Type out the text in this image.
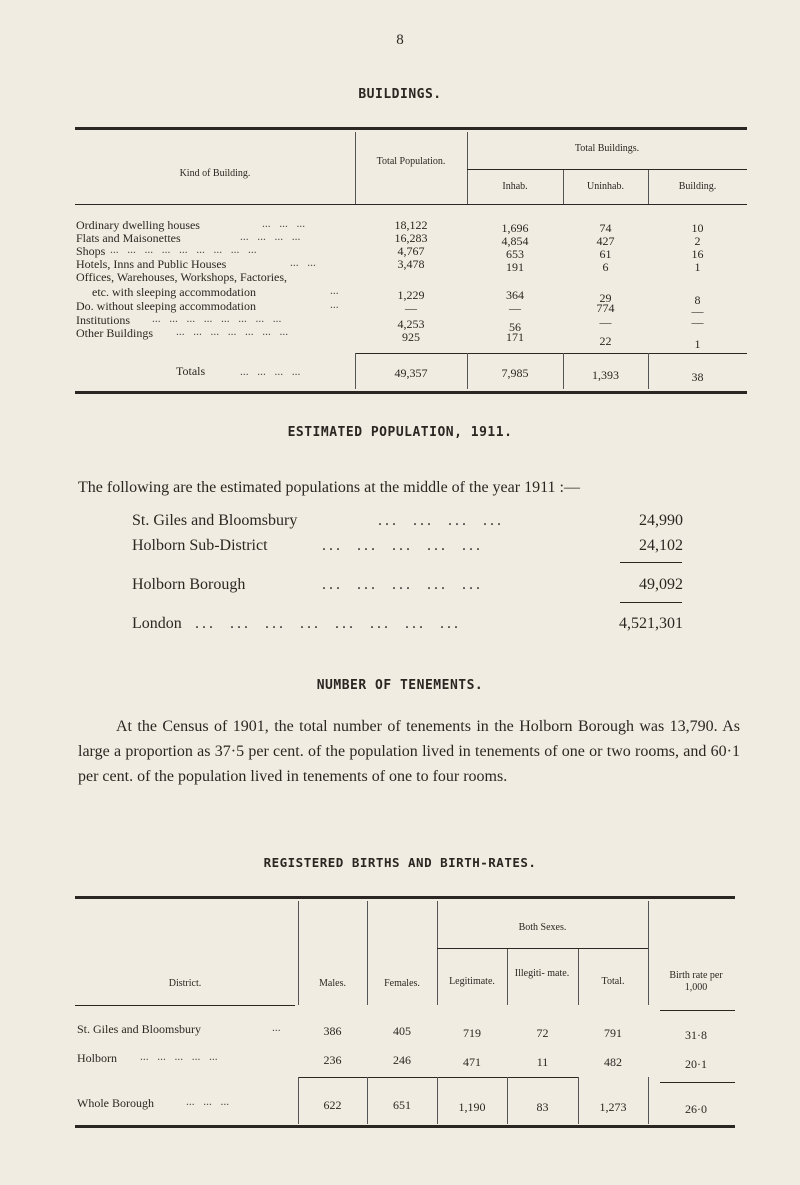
8
BUILDINGS.
Kind of Building.
Total Population.
Total Buildings.
Inhab.	Uninhab.	Building.
Ordinary dwelling houses	...   ...   ...	18,122	1,696	74	10
Flats and Maisonettes	...   ...   ...   ...	16,283	4,854	427	2
Shops ...   ...   ...   ...   ...   ...   ...   ...   ...	4,767	653	61	16
Hotels, Inns and Public Houses	...   ...	3,478	191	6	1
Offices, Warehouses, Workshops, Factories,
etc. with sleeping accommodation	...	1,229	364	29	8
Do. without sleeping accommodation	...	—	—	774	—
Institutions ...   ...   ...   ...   ...   ...   ...   ...	4,253	56	—	—
Other Buildings ...   ...   ...   ...   ...   ...   ...	925	171	22	1
Totals	...   ...   ...   ...	49,357	7,985	1,393	38
ESTIMATED POPULATION, 1911.
The following are the estimated populations at the middle of the year 1911 :—
St. Giles and Bloomsbury	...  ...  ...  ...	24,990
Holborn Sub-District	...  ...  ...  ...  ...	24,102
Holborn Borough	...  ...  ...  ...  ...	49,092
London ...  ...  ...  ...  ...  ...  ...  ...	4,521,301
NUMBER OF TENEMENTS.
At the Census of 1901, the total number of tenements in the Holborn Borough was 13,790. As large a proportion as 37·5 per cent. of the population lived in tenements of one or two rooms, and 60·1 per cent. of the population lived in tenements of one to four rooms.
REGISTERED BIRTHS AND BIRTH-RATES.
District.	Males.	Females.
Both Sexes.
Legitimate.
Illegiti- mate.
Total.
Birth rate per 1,000
St. Giles and Bloomsbury	...	386	405	719	72	791	31·8
Holborn ...   ...   ...   ...   ...	236	246	471	11	482	20·1
Whole Borough	...   ...   ...	622	651	1,190	83	1,273	26·0
